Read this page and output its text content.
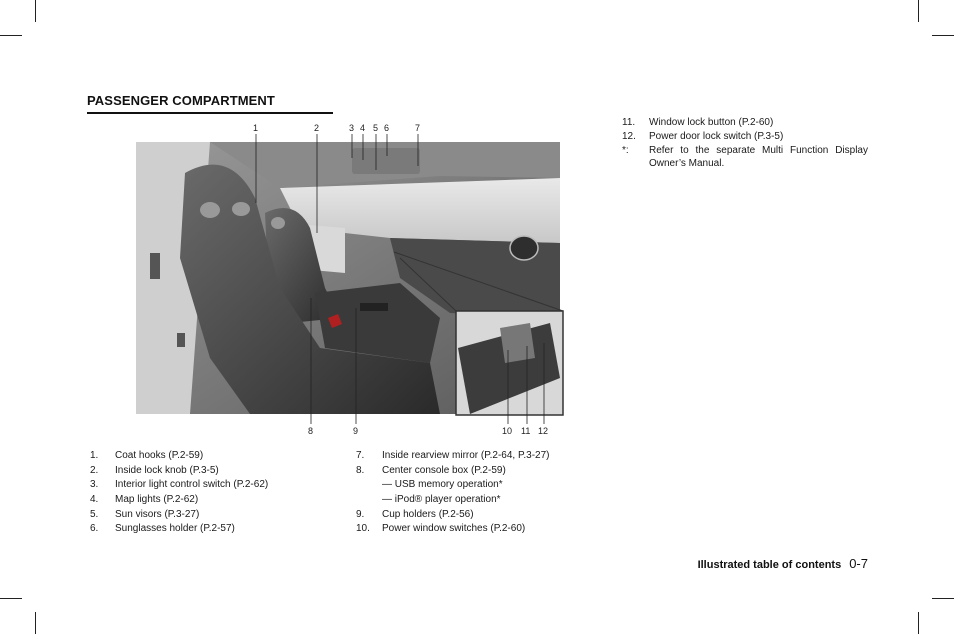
PASSENGER COMPARTMENT
1	2	3 4 5 6	7
8	9	10 11 12
1. Coat hooks (P.2-59)
2. Inside lock knob (P.3-5)
3. Interior light control switch (P.2-62)
4. Map lights (P.2-62)
5. Sun visors (P.3-27)
6. Sunglasses holder (P.2-57)
7. Inside rearview mirror (P.2-64, P.3-27)
8. Center console box (P.2-59)
— USB memory operation*
— iPod® player operation*
9. Cup holders (P.2-56)
10. Power window switches (P.2-60)
11. Window lock button (P.2-60)
12. Power door lock switch (P.3-5)
*: Refer to the separate Multi Function Display Owner’s Manual.
Illustrated table of contents 0-7
